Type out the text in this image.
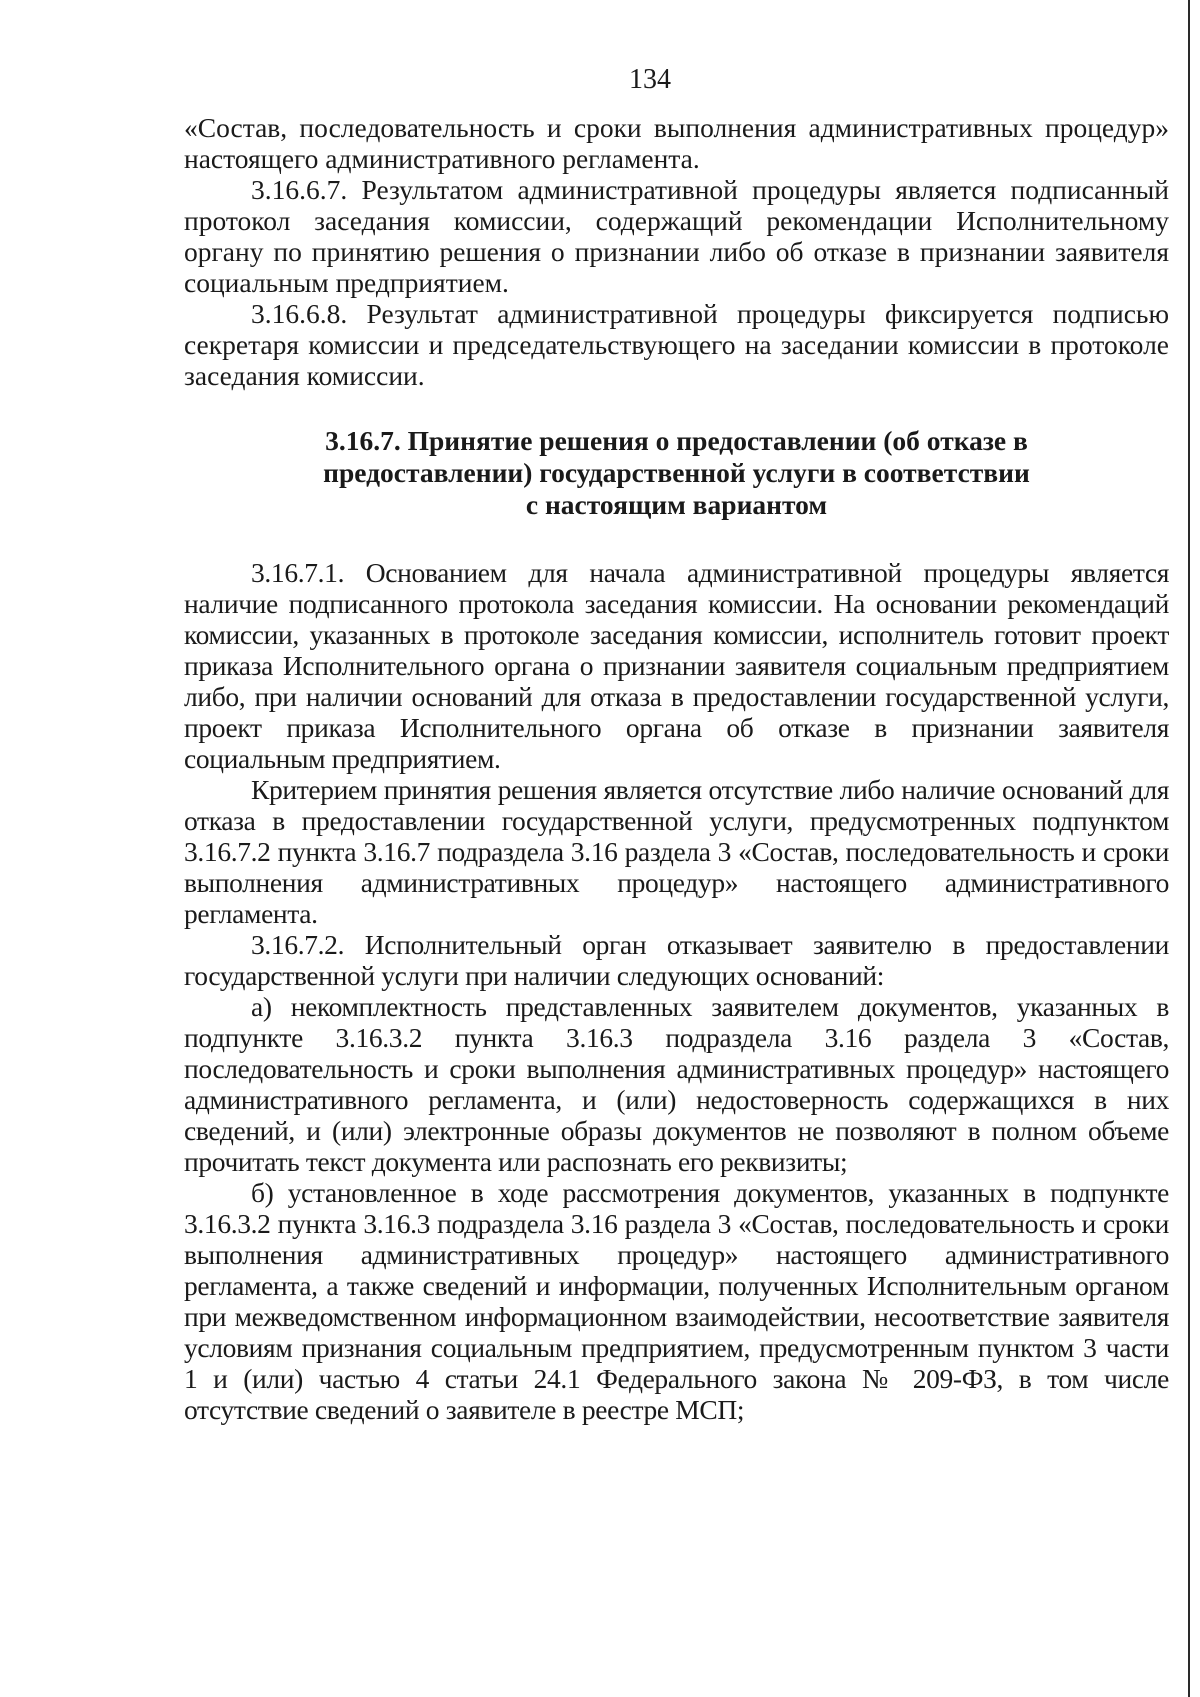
134

«Состав, последовательность и сроки выполнения административных процедур» настоящего административного регламента.

3.16.6.7. Результатом административной процедуры является подписанный протокол заседания комиссии, содержащий рекомендации Исполнительному органу по принятию решения о признании либо об отказе в признании заявителя социальным предприятием.

3.16.6.8. Результат административной процедуры фиксируется подписью секретаря комиссии и председательствующего на заседании комиссии в протоколе заседания комиссии.

3.16.7. Принятие решения о предоставлении (об отказе в
предоставлении) государственной услуги в соответствии
с настоящим вариантом

3.16.7.1. Основанием для начала административной процедуры является наличие подписанного протокола заседания комиссии. На основании рекомендаций комиссии, указанных в протоколе заседания комиссии, исполнитель готовит проект приказа Исполнительного органа о признании заявителя социальным предприятием либо, при наличии оснований для отказа в предоставлении государственной услуги, проект приказа Исполнительного органа об отказе в признании заявителя социальным предприятием.

Критерием принятия решения является отсутствие либо наличие оснований для отказа в предоставлении государственной услуги, предусмотренных подпунктом 3.16.7.2 пункта 3.16.7 подраздела 3.16 раздела 3 «Состав, последовательность и сроки выполнения административных процедур» настоящего административного регламента.

3.16.7.2. Исполнительный орган отказывает заявителю в предоставлении государственной услуги при наличии следующих оснований:

а) некомплектность представленных заявителем документов, указанных в подпункте 3.16.3.2 пункта 3.16.3 подраздела 3.16 раздела 3 «Состав, последовательность и сроки выполнения административных процедур» настоящего административного регламента, и (или) недостоверность содержащихся в них сведений, и (или) электронные образы документов не позволяют в полном объеме прочитать текст документа или распознать его реквизиты;

б) установленное в ходе рассмотрения документов, указанных в подпункте 3.16.3.2 пункта 3.16.3 подраздела 3.16 раздела 3 «Состав, последовательность и сроки выполнения административных процедур» настоящего административного регламента, а также сведений и информации, полученных Исполнительным органом при межведомственном информационном взаимодействии, несоответствие заявителя условиям признания социальным предприятием, предусмотренным пунктом 3 части 1 и (или) частью 4 статьи 24.1 Федерального закона № 209-ФЗ, в том числе отсутствие сведений о заявителе в реестре МСП;
